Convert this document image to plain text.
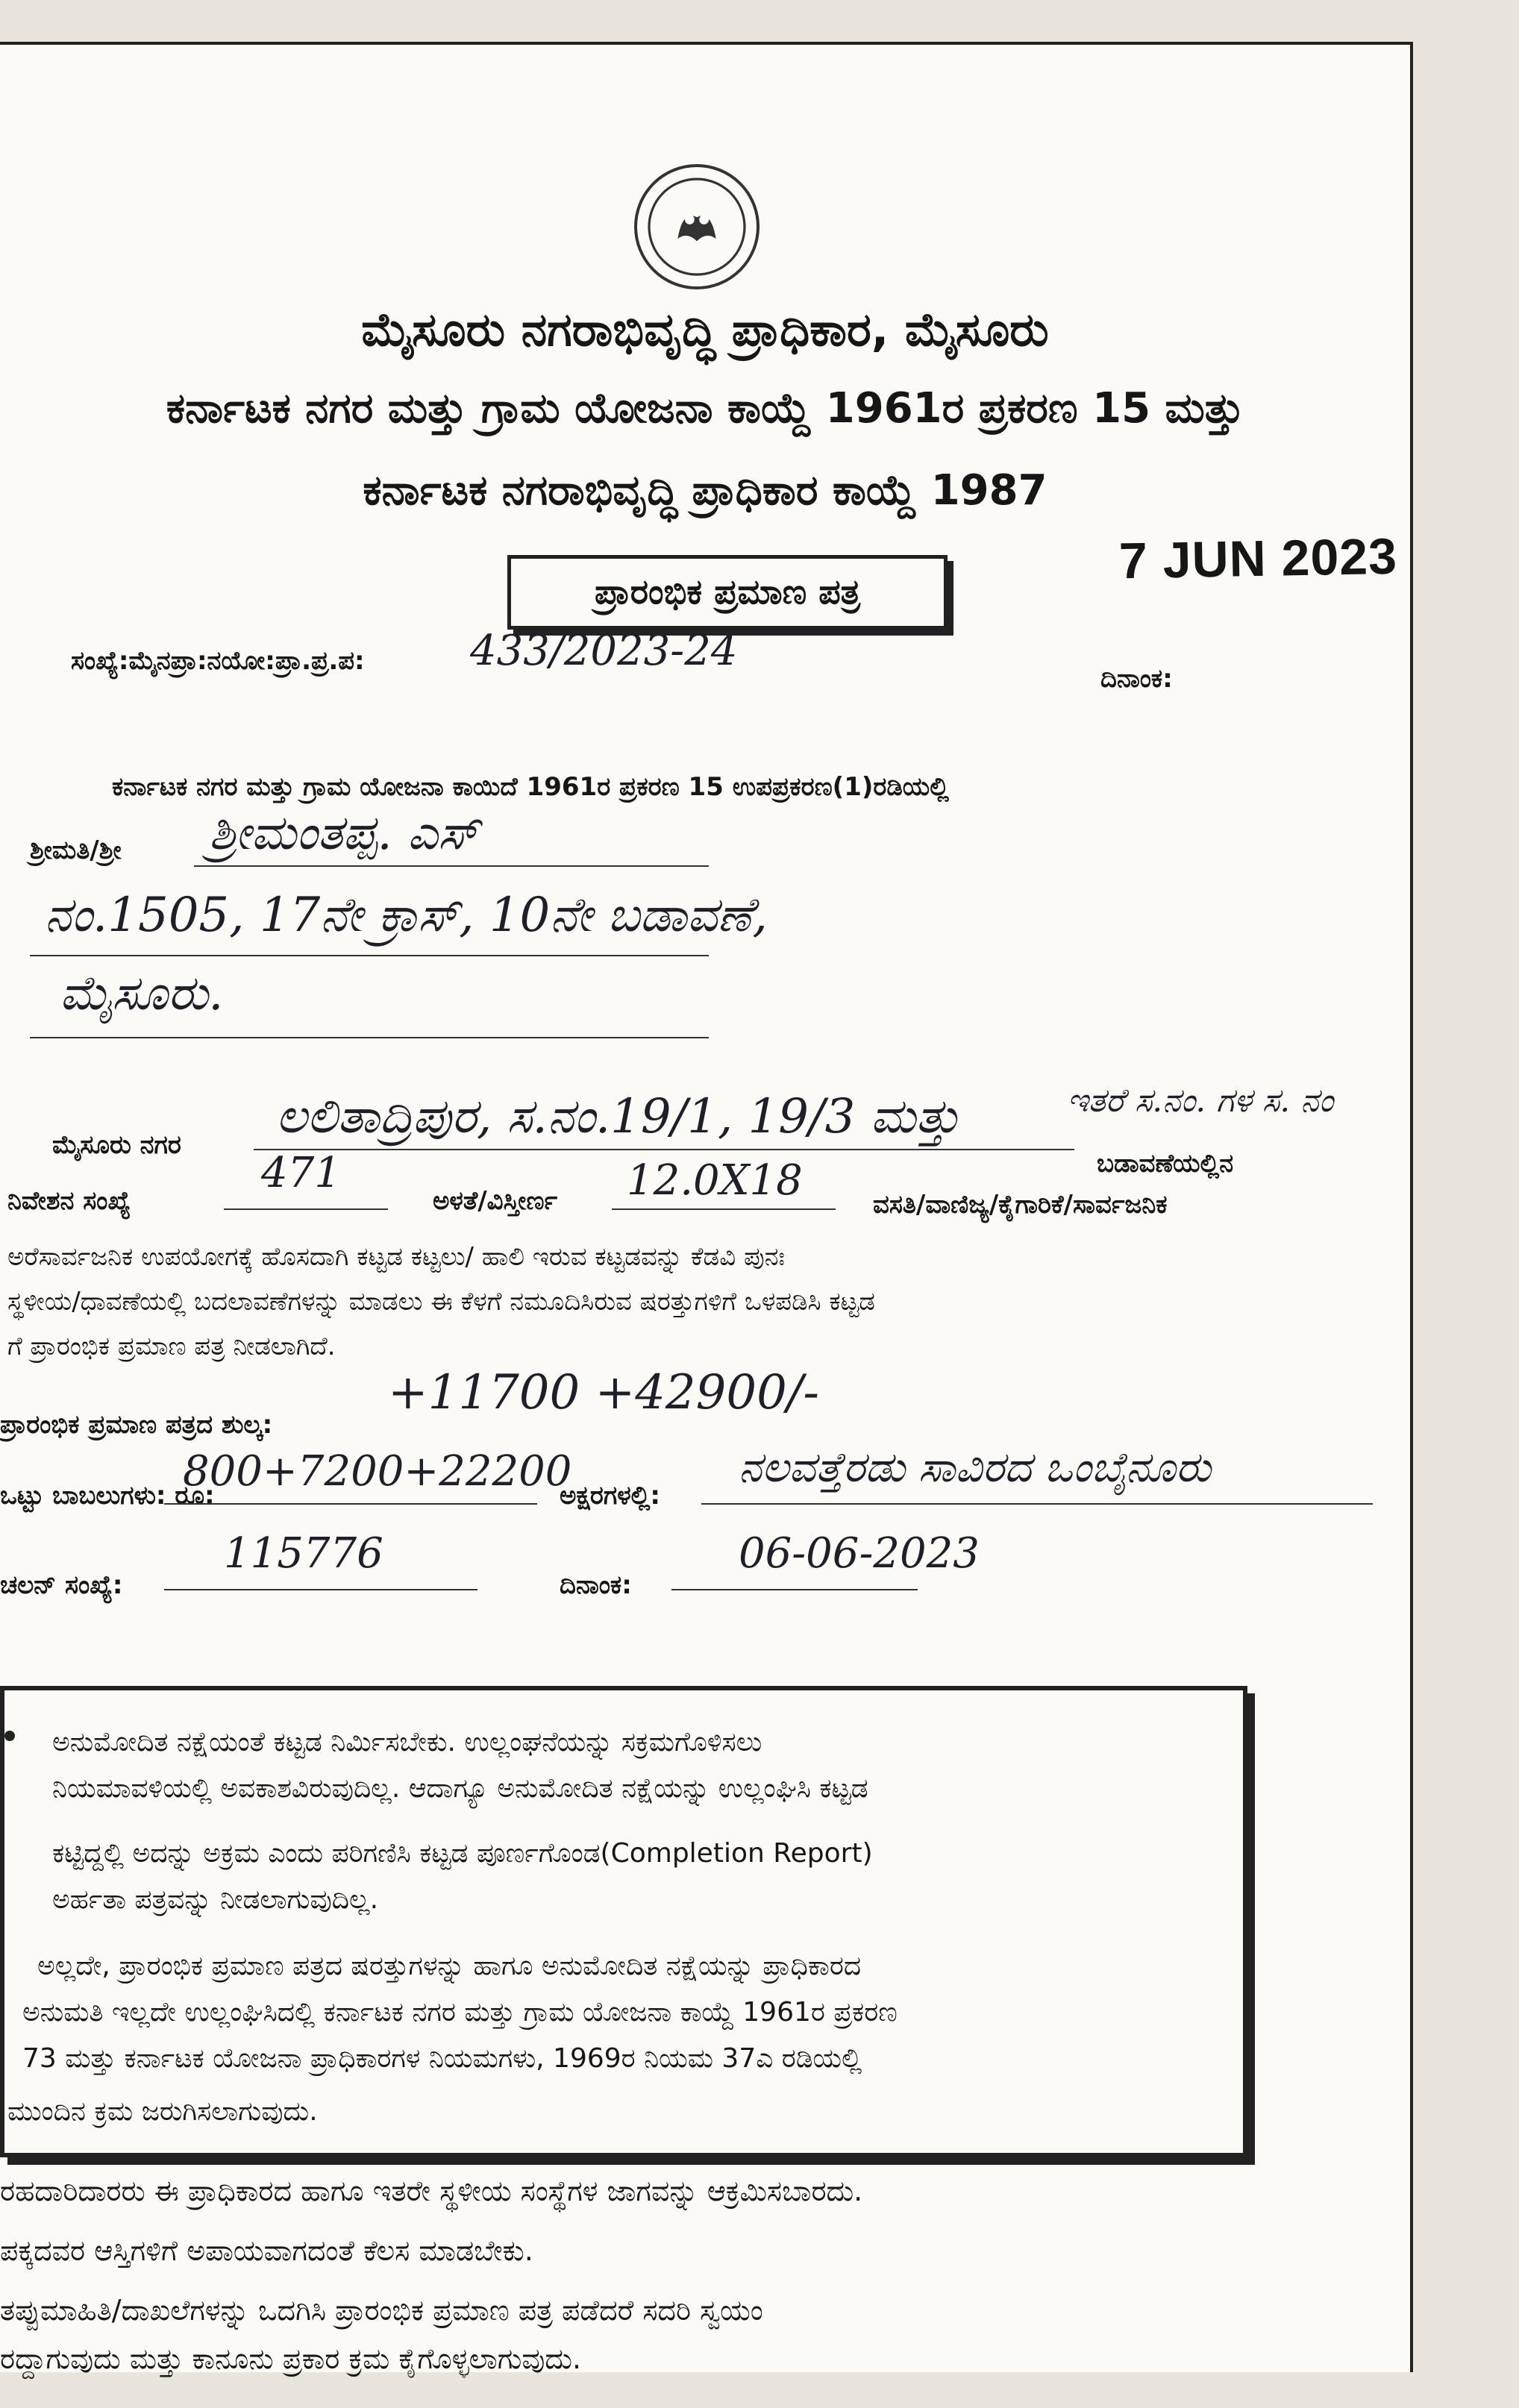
ಮೈಸೂರು ನಗರಾಭಿವೃದ್ಧಿ ಪ್ರಾಧಿಕಾರ, ಮೈಸೂರು
ಕರ್ನಾಟಕ ನಗರ ಮತ್ತು ಗ್ರಾಮ ಯೋಜನಾ ಕಾಯ್ದೆ 1961ರ ಪ್ರಕರಣ 15 ಮತ್ತು
ಕರ್ನಾಟಕ ನಗರಾಭಿವೃದ್ಧಿ ಪ್ರಾಧಿಕಾರ ಕಾಯ್ದೆ 1987
ಪ್ರಾರಂಭಿಕ ಪ್ರಮಾಣ ಪತ್ರ
7 JUN 2023
ಸಂಖ್ಯೆ:ಮೈನಪ್ರಾ:ನಯೋ:ಪ್ರಾ.ಪ್ರ.ಪ:	433/2023-24
ದಿನಾಂಕ:
ಕರ್ನಾಟಕ ನಗರ ಮತ್ತು ಗ್ರಾಮ ಯೋಜನಾ ಕಾಯಿದೆ 1961ರ ಪ್ರಕರಣ 15 ಉಪಪ್ರಕರಣ(1)ರಡಿಯಲ್ಲಿ
ಶ್ರೀಮತಿ/ಶ್ರೀ ಶ್ರೀಮಂತಪ್ಪ. ಎಸ್
ನಂ.1505, 17ನೇ ಕ್ರಾಸ್, 10ನೇ ಬಡಾವಣೆ,
ಮೈಸೂರು.
ಮೈಸೂರು ನಗರ
ಲಲಿತಾದ್ರಿಪುರ, ಸ.ನಂ.19/1, 19/3 ಮತ್ತು	ಇತರೆ ಸ.ನಂ. ಗಳ ಸ. ನಂ
ಬಡಾವಣೆಯಲ್ಲಿನ
ನಿವೇಶನ ಸಂಖ್ಯೆ
471
ಅಳತೆ/ವಿಸ್ತೀರ್ಣ 12.0X18	ವಸತಿ/ವಾಣಿಜ್ಯ/ಕೈಗಾರಿಕೆ/ಸಾರ್ವಜನಿಕ
ಅರೆಸಾರ್ವಜನಿಕ ಉಪಯೋಗಕ್ಕೆ ಹೊಸದಾಗಿ ಕಟ್ಟಡ ಕಟ್ಟಲು/ ಹಾಲಿ ಇರುವ ಕಟ್ಟಡವನ್ನು ಕೆಡವಿ ಪುನಃ
ಸ್ಥಳೀಯ/ಧಾವಣೆಯಲ್ಲಿ ಬದಲಾವಣೆಗಳನ್ನು ಮಾಡಲು ಈ ಕೆಳಗೆ ನಮೂದಿಸಿರುವ ಷರತ್ತುಗಳಿಗೆ ಒಳಪಡಿಸಿ ಕಟ್ಟಡ
ಗೆ ಪ್ರಾರಂಭಿಕ ಪ್ರಮಾಣ ಪತ್ರ ನೀಡಲಾಗಿದೆ.
ಪ್ರಾರಂಭಿಕ ಪ್ರಮಾಣ ಪತ್ರದ ಶುಲ್ಕ:
+11700 +42900/-
ಒಟ್ಟು ಬಾಬಲುಗಳು: ರೂ:
800+7200+22200
ಅಕ್ಷರಗಳಲ್ಲಿ:
ನಲವತ್ತೆರಡು ಸಾವಿರದ ಒಂಬೈನೂರು
ಚಲನ್ ಸಂಖ್ಯೆ:
115776
ದಿನಾಂಕ:
06-06-2023
ಅನುಮೋದಿತ ನಕ್ಷೆಯಂತೆ ಕಟ್ಟಡ ನಿರ್ಮಿಸಬೇಕು. ಉಲ್ಲಂಘನೆಯನ್ನು ಸಕ್ರಮಗೊಳಿಸಲು
ನಿಯಮಾವಳಿಯಲ್ಲಿ ಅವಕಾಶವಿರುವುದಿಲ್ಲ. ಆದಾಗ್ಯೂ ಅನುಮೋದಿತ ನಕ್ಷೆಯನ್ನು ಉಲ್ಲಂಘಿಸಿ ಕಟ್ಟಡ
ಕಟ್ಟಿದ್ದಲ್ಲಿ ಅದನ್ನು ಅಕ್ರಮ ಎಂದು ಪರಿಗಣಿಸಿ ಕಟ್ಟಡ ಪೂರ್ಣಗೊಂಡ(Completion Report)
ಅರ್ಹತಾ ಪತ್ರವನ್ನು ನೀಡಲಾಗುವುದಿಲ್ಲ.
ಅಲ್ಲದೇ, ಪ್ರಾರಂಭಿಕ ಪ್ರಮಾಣ ಪತ್ರದ ಷರತ್ತುಗಳನ್ನು ಹಾಗೂ ಅನುಮೋದಿತ ನಕ್ಷೆಯನ್ನು ಪ್ರಾಧಿಕಾರದ
ಅನುಮತಿ ಇಲ್ಲದೇ ಉಲ್ಲಂಘಿಸಿದಲ್ಲಿ ಕರ್ನಾಟಕ ನಗರ ಮತ್ತು ಗ್ರಾಮ ಯೋಜನಾ ಕಾಯ್ದೆ 1961ರ ಪ್ರಕರಣ
73 ಮತ್ತು ಕರ್ನಾಟಕ ಯೋಜನಾ ಪ್ರಾಧಿಕಾರಗಳ ನಿಯಮಗಳು, 1969ರ ನಿಯಮ 37ಎ ರಡಿಯಲ್ಲಿ
ಮುಂದಿನ ಕ್ರಮ ಜರುಗಿಸಲಾಗುವುದು.
ರಹದಾರಿದಾರರು ಈ ಪ್ರಾಧಿಕಾರದ ಹಾಗೂ ಇತರೇ ಸ್ಥಳೀಯ ಸಂಸ್ಥೆಗಳ ಜಾಗವನ್ನು ಆಕ್ರಮಿಸಬಾರದು.
ಪಕ್ಕದವರ ಆಸ್ತಿಗಳಿಗೆ ಅಪಾಯವಾಗದಂತೆ ಕೆಲಸ ಮಾಡಬೇಕು.
ತಪ್ಪುಮಾಹಿತಿ/ದಾಖಲೆಗಳನ್ನು ಒದಗಿಸಿ ಪ್ರಾರಂಭಿಕ ಪ್ರಮಾಣ ಪತ್ರ ಪಡೆದರೆ ಸದರಿ ಸ್ವಯಂ
ರದ್ದಾಗುವುದು ಮತ್ತು ಕಾನೂನು ಪ್ರಕಾರ ಕ್ರಮ ಕೈಗೊಳ್ಳಲಾಗುವುದು.
